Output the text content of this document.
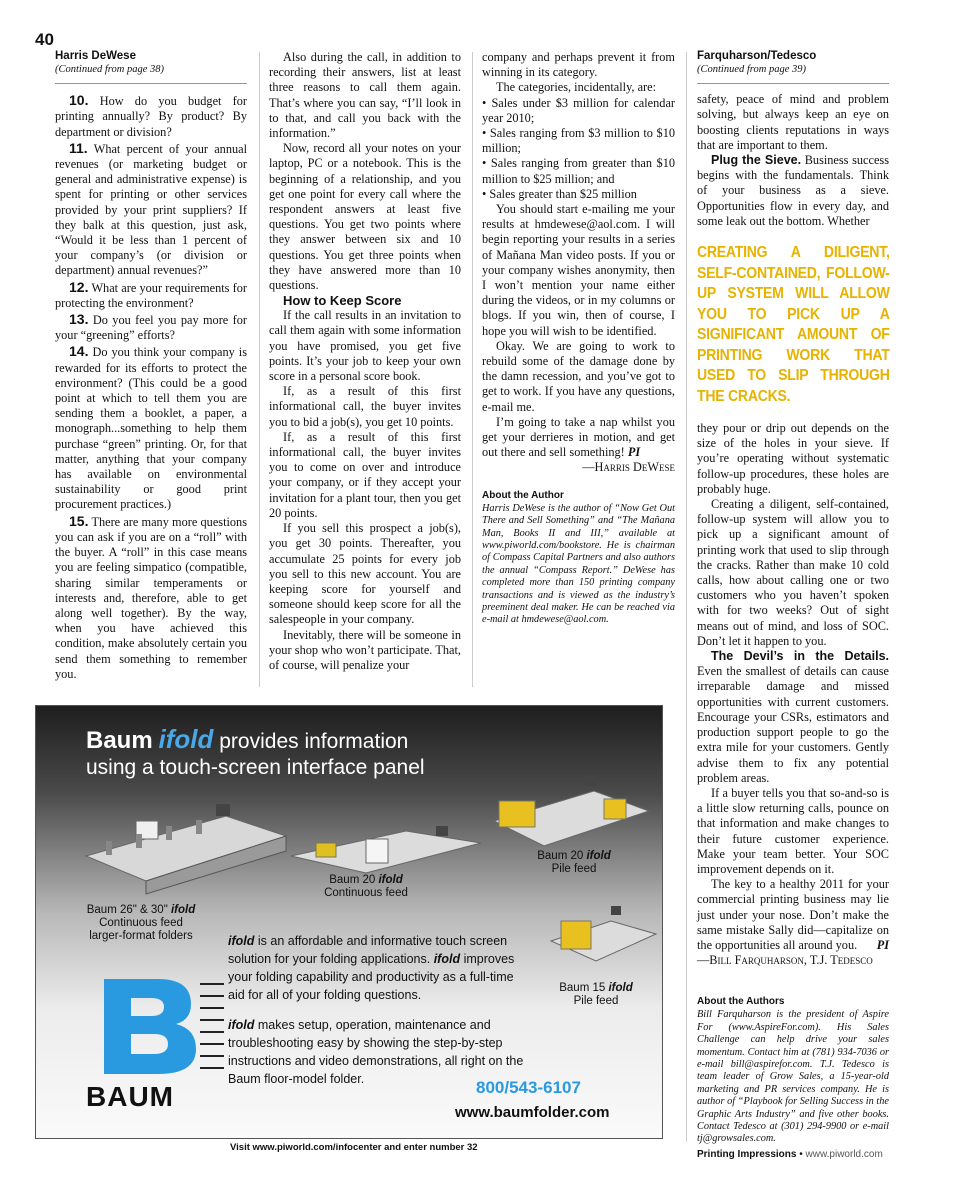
40
Harris DeWese
(Continued from page 38)

10. How do you budget for printing annually? By product? By department or division?

11. What percent of your annual revenues (or marketing budget or general and administrative expense) is spent for printing or other services provided by your print suppliers? If they balk at this question, just ask, “Would it be less than 1 percent of your company’s (or division or department) annual revenues?”

12. What are your requirements for protecting the environment?

13. Do you feel you pay more for your “greening” efforts?

14. Do you think your company is rewarded for its efforts to protect the environment? (This could be a good point at which to tell them you are sending them a booklet, a paper, a monograph...something to help them purchase “green” printing. Or, for that matter, anything that your company has available on environmental sustainability or good print procurement practices.)

15. There are many more questions you can ask if you are on a “roll” with the buyer. A “roll” in this case means you are feeling simpatico (compatible, sharing similar temperaments or interests and, therefore, able to get along well together). By the way, when you have achieved this condition, make absolutely certain you send them something to remember you.

Also during the call, in addition to recording their answers, list at least three reasons to call them again. That’s where you can say, “I’ll look in to that, and call you back with the information.”

Now, record all your notes on your laptop, PC or a notebook. This is the beginning of a relationship, and you get one point for every call where the respondent answers at least five questions. You get two points where they answer between six and 10 questions. You get three points when they have answered more than 10 questions.

How to Keep Score

If the call results in an invitation to call them again with some information you have promised, you get five points. It’s your job to keep your own score in a personal score book.

If, as a result of this first informational call, the buyer invites you to bid a job(s), you get 10 points.

If, as a result of this first informational call, the buyer invites you to come on over and introduce your company, or if they accept your invitation for a plant tour, then you get 20 points.

If you sell this prospect a job(s), you get 30 points. Thereafter, you accumulate 25 points for every job you sell to this new account. You are keeping score for yourself and someone should keep score for all the salespeople in your company.

Inevitably, there will be someone in your shop who won’t participate. That, of course, will penalize your

company and perhaps prevent it from winning in its category.

The categories, incidentally, are:

• Sales under $3 million for calendar year 2010;

• Sales ranging from $3 million to $10 million;

• Sales ranging from greater than $10 million to $25 million; and

• Sales greater than $25 million

You should start e-mailing me your results at hmdewese@aol.com. I will begin reporting your results in a series of Mañana Man video posts. If you or your company wishes anonymity, then I won’t mention your name either during the videos, or in my columns or blogs. If you win, then of course, I hope you will wish to be identified.

Okay. We are going to work to rebuild some of the damage done by the damn recession, and you’ve got to get to work. If you have any questions, e-mail me.

I’m going to take a nap whilst you get your derrieres in motion, and get out there and sell something! PI

—Harris DeWese

About the Author
Harris DeWese is the author of “Now Get Out There and Sell Something” and “The Mañana Man, Books II and III,” available at www.piworld.com/bookstore. He is chairman of Compass Capital Partners and also authors the annual “Compass Report.” DeWese has completed more than 150 printing company transactions and is viewed as the industry’s preeminent deal maker. He can be reached via e-mail at hmdewese@aol.com.
Farquharson/Tedesco
(Continued from page 39)

safety, peace of mind and problem solving, but always keep an eye on boosting clients reputations in ways that are important to them.

Plug the Sieve. Business success begins with the fundamentals. Think of your business as a sieve. Opportunities flow in every day, and some leak out the bottom. Whether

CREATING A DILIGENT, SELF-CONTAINED, FOLLOW-UP SYSTEM WILL ALLOW YOU TO PICK UP A SIGNIFICANT AMOUNT OF PRINTING WORK THAT USED TO SLIP THROUGH THE CRACKS.

they pour or drip out depends on the size of the holes in your sieve. If you’re operating without systematic follow-up procedures, these holes are probably huge.

Creating a diligent, self-contained, follow-up system will allow you to pick up a significant amount of printing work that used to slip through the cracks. Rather than make 10 cold calls, how about calling one or two customers who you haven’t spoken with for two weeks? Out of sight means out of mind, and loss of SOC. Don’t let it happen to you.

The Devil’s in the Details. Even the smallest of details can cause irreparable damage and missed opportunities with current customers. Encourage your CSRs, estimators and production support people to go the extra mile for your customers. Gently advise them to fix any potential problem areas.

If a buyer tells you that so-and-so is a little slow returning calls, pounce on that information and make changes to their future customer experience. Make your team better. Your SOC improvement depends on it.

The key to a healthy 2011 for your commercial printing business may lie just under your nose. Don’t make the same mistake Sally did—capitalize on the opportunities all around you.	PI

—Bill Farquharson, T.J. Tedesco

About the Authors
Bill Farquharson is the president of Aspire For (www.AspireFor.com). His Sales Challenge can help drive your sales momentum. Contact him at (781) 934-7036 or e-mail bill@aspirefor.com. T.J. Tedesco is team leader of Grow Sales, a 15-year-old marketing and PR services company. He is author of “Playbook for Selling Success in the Graphic Arts Industry” and five other books. Contact Tedesco at (301) 294-9900 or e-mail tj@growsales.com.
Baum ifold provides information
using a touch-screen interface panel
Baum 26" & 30" ifold
Continuous feed
larger-format folders
Baum 20 ifold
Continuous feed
Baum 20 ifold
Pile feed
Baum 15 ifold
Pile feed
ifold is an affordable and informative touch screen solution for your folding applications. ifold improves your folding capability and productivity as a full-time aid for all of your folding questions.
ifold makes setup, operation, maintenance and troubleshooting easy by showing the step-by-step instructions and video demonstrations, all right on the Baum floor-model folder.
BAUM	800/543-6107
www.baumfolder.com
Visit www.piworld.com/infocenter and enter number 32
Printing Impressions • www.piworld.com
